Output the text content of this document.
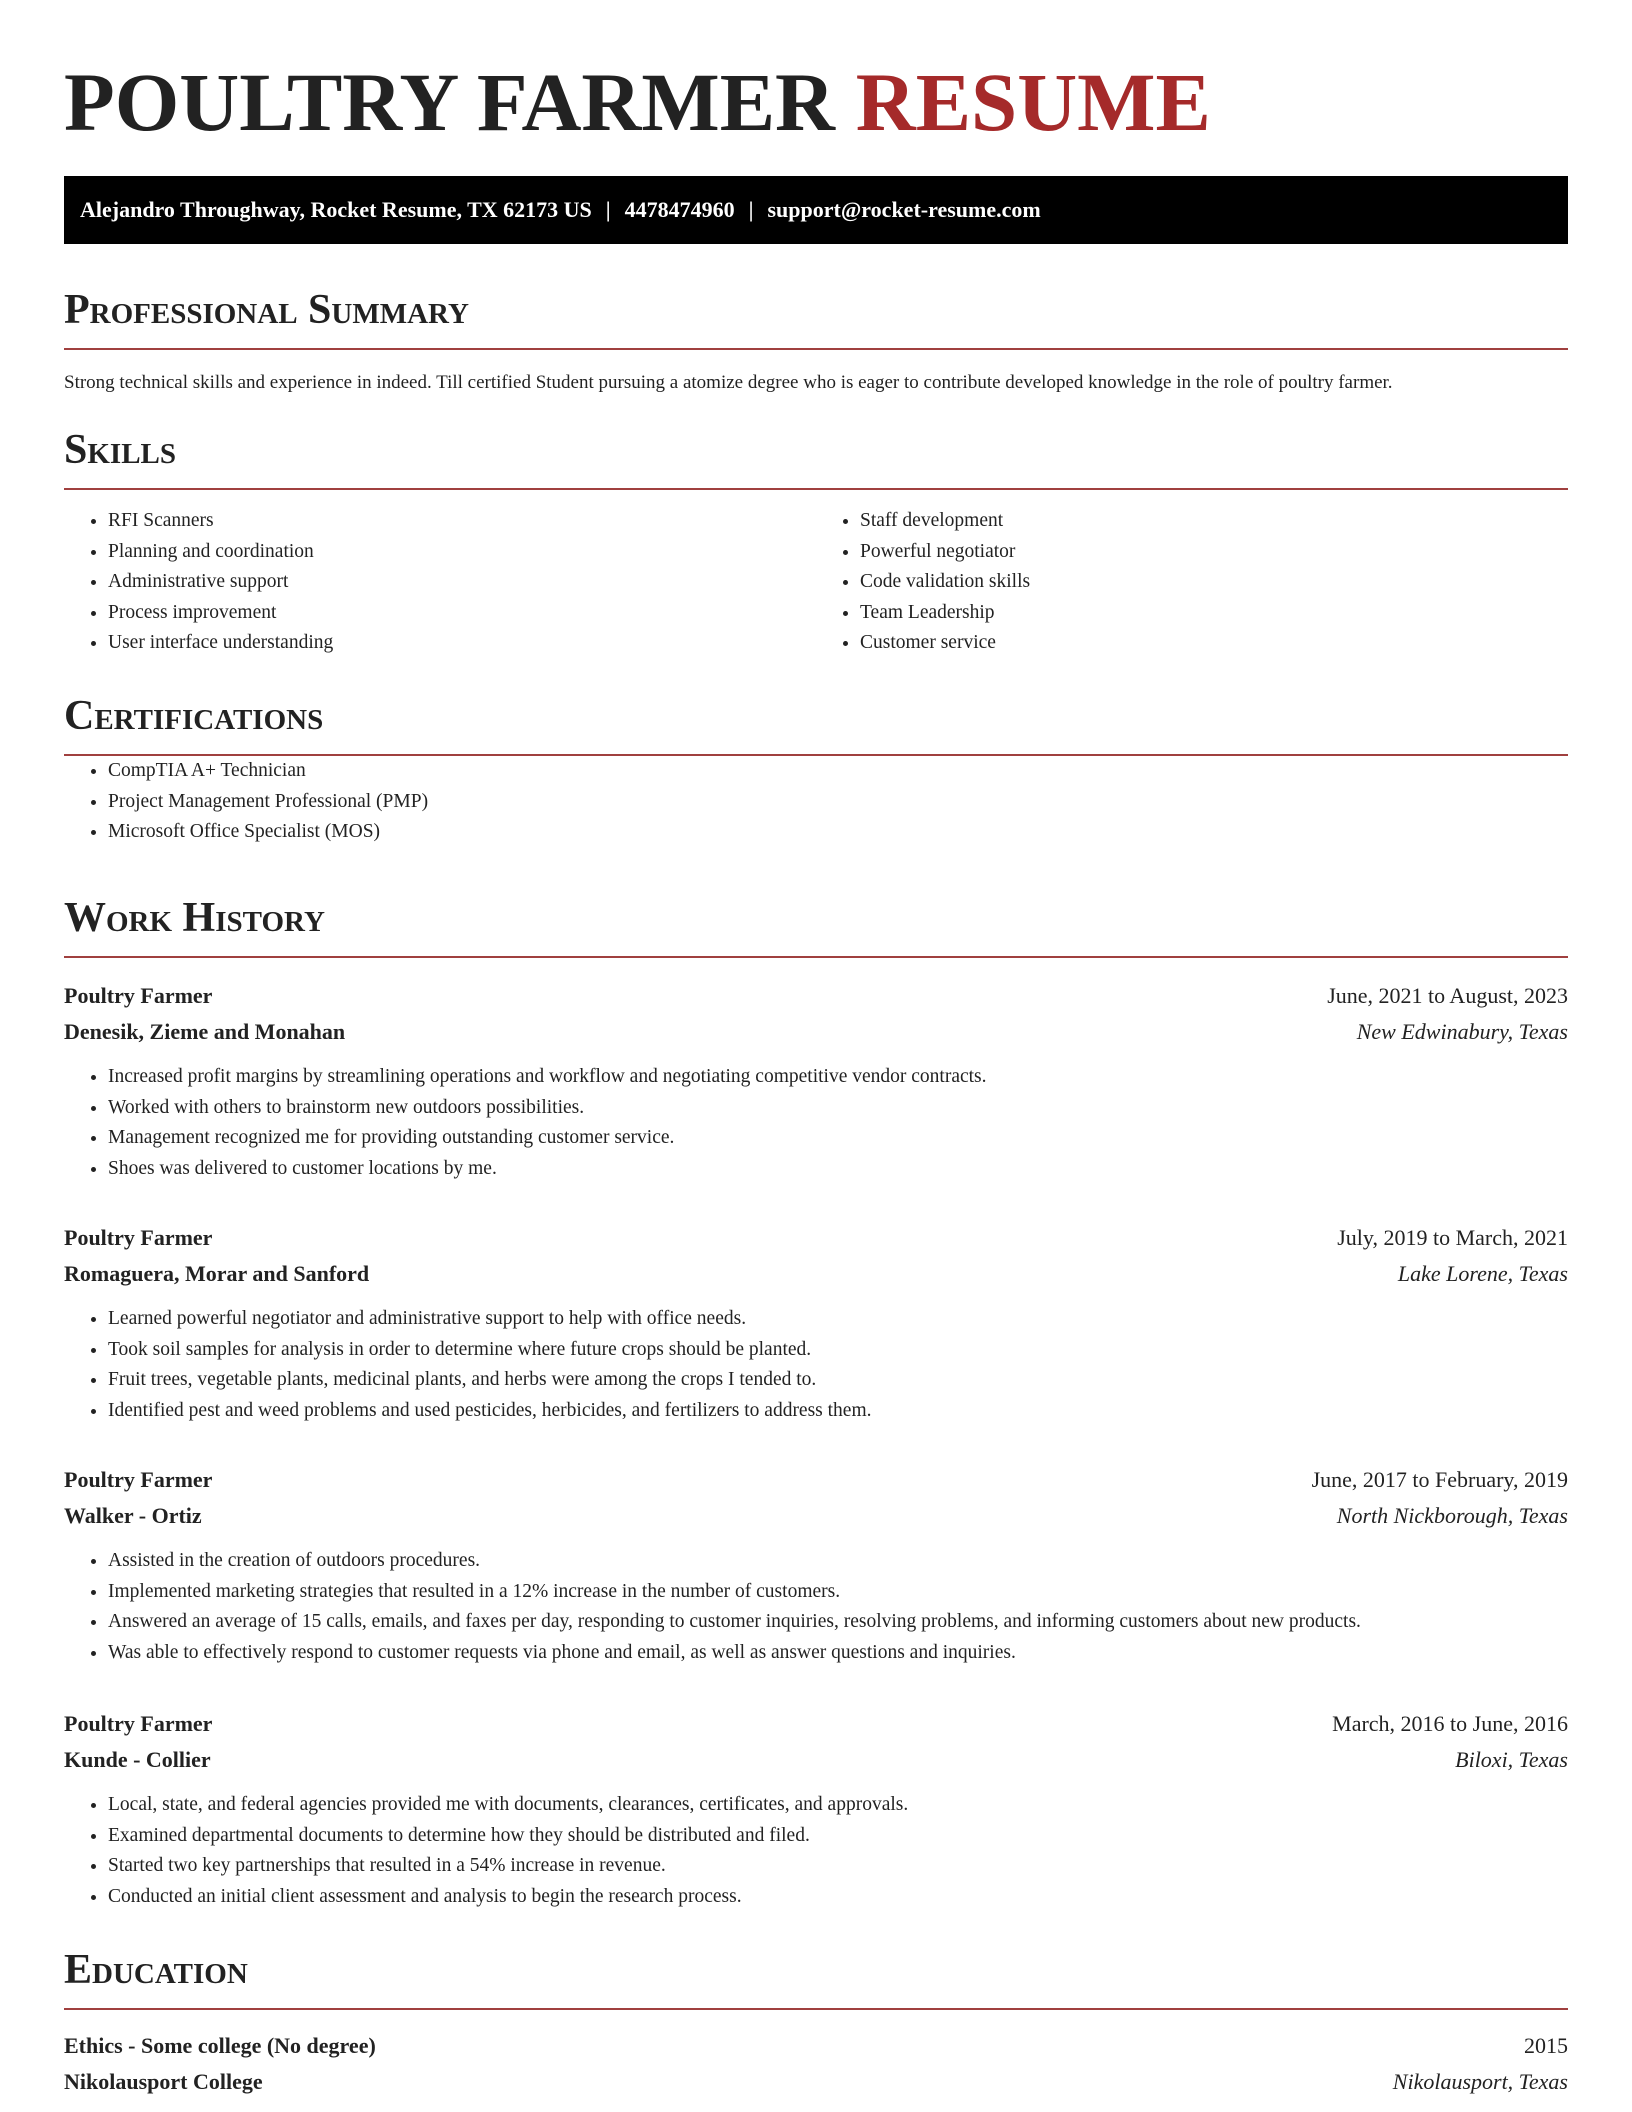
POULTRY FARMER RESUME
Alejandro Throughway, Rocket Resume, TX 62173 US | 4478474960 | support@rocket-resume.com
Professional Summary
Strong technical skills and experience in indeed. Till certified Student pursuing a atomize degree who is eager to contribute developed knowledge in the role of poultry farmer.
Skills
• RFI Scanners
• Planning and coordination
• Administrative support
• Process improvement
• User interface understanding
• Staff development
• Powerful negotiator
• Code validation skills
• Team Leadership
• Customer service
Certifications
• CompTIA A+ Technician
• Project Management Professional (PMP)
• Microsoft Office Specialist (MOS)
Work History
Poultry Farmer	June, 2021 to August, 2023
Denesik, Zieme and Monahan	New Edwinabury, Texas
• Increased profit margins by streamlining operations and workflow and negotiating competitive vendor contracts.
• Worked with others to brainstorm new outdoors possibilities.
• Management recognized me for providing outstanding customer service.
• Shoes was delivered to customer locations by me.
Poultry Farmer	July, 2019 to March, 2021
Romaguera, Morar and Sanford	Lake Lorene, Texas
• Learned powerful negotiator and administrative support to help with office needs.
• Took soil samples for analysis in order to determine where future crops should be planted.
• Fruit trees, vegetable plants, medicinal plants, and herbs were among the crops I tended to.
• Identified pest and weed problems and used pesticides, herbicides, and fertilizers to address them.
Poultry Farmer	June, 2017 to February, 2019
Walker - Ortiz	North Nickborough, Texas
• Assisted in the creation of outdoors procedures.
• Implemented marketing strategies that resulted in a 12% increase in the number of customers.
• Answered an average of 15 calls, emails, and faxes per day, responding to customer inquiries, resolving problems, and informing customers about new products.
• Was able to effectively respond to customer requests via phone and email, as well as answer questions and inquiries.
Poultry Farmer	March, 2016 to June, 2016
Kunde - Collier	Biloxi, Texas
• Local, state, and federal agencies provided me with documents, clearances, certificates, and approvals.
• Examined departmental documents to determine how they should be distributed and filed.
• Started two key partnerships that resulted in a 54% increase in revenue.
• Conducted an initial client assessment and analysis to begin the research process.
Education
Ethics - Some college (No degree)	2015
Nikolausport College	Nikolausport, Texas
